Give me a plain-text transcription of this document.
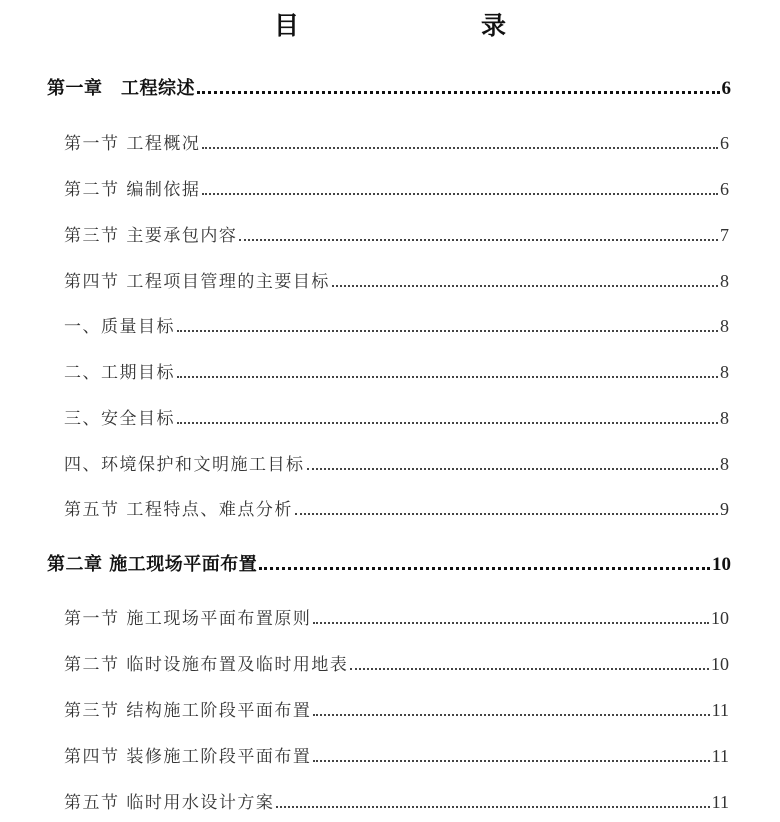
目　　录
第一章　工程综述	6
第一节 工程概况	6
第二节 编制依据	6
第三节 主要承包内容	7
第四节 工程项目管理的主要目标	8
一、质量目标	8
二、工期目标	8
三、安全目标	8
四、环境保护和文明施工目标	8
第五节 工程特点、难点分析	9
第二章 施工现场平面布置	10
第一节 施工现场平面布置原则	10
第二节 临时设施布置及临时用地表	10
第三节 结构施工阶段平面布置	11
第四节 装修施工阶段平面布置	11
第五节 临时用水设计方案	11
